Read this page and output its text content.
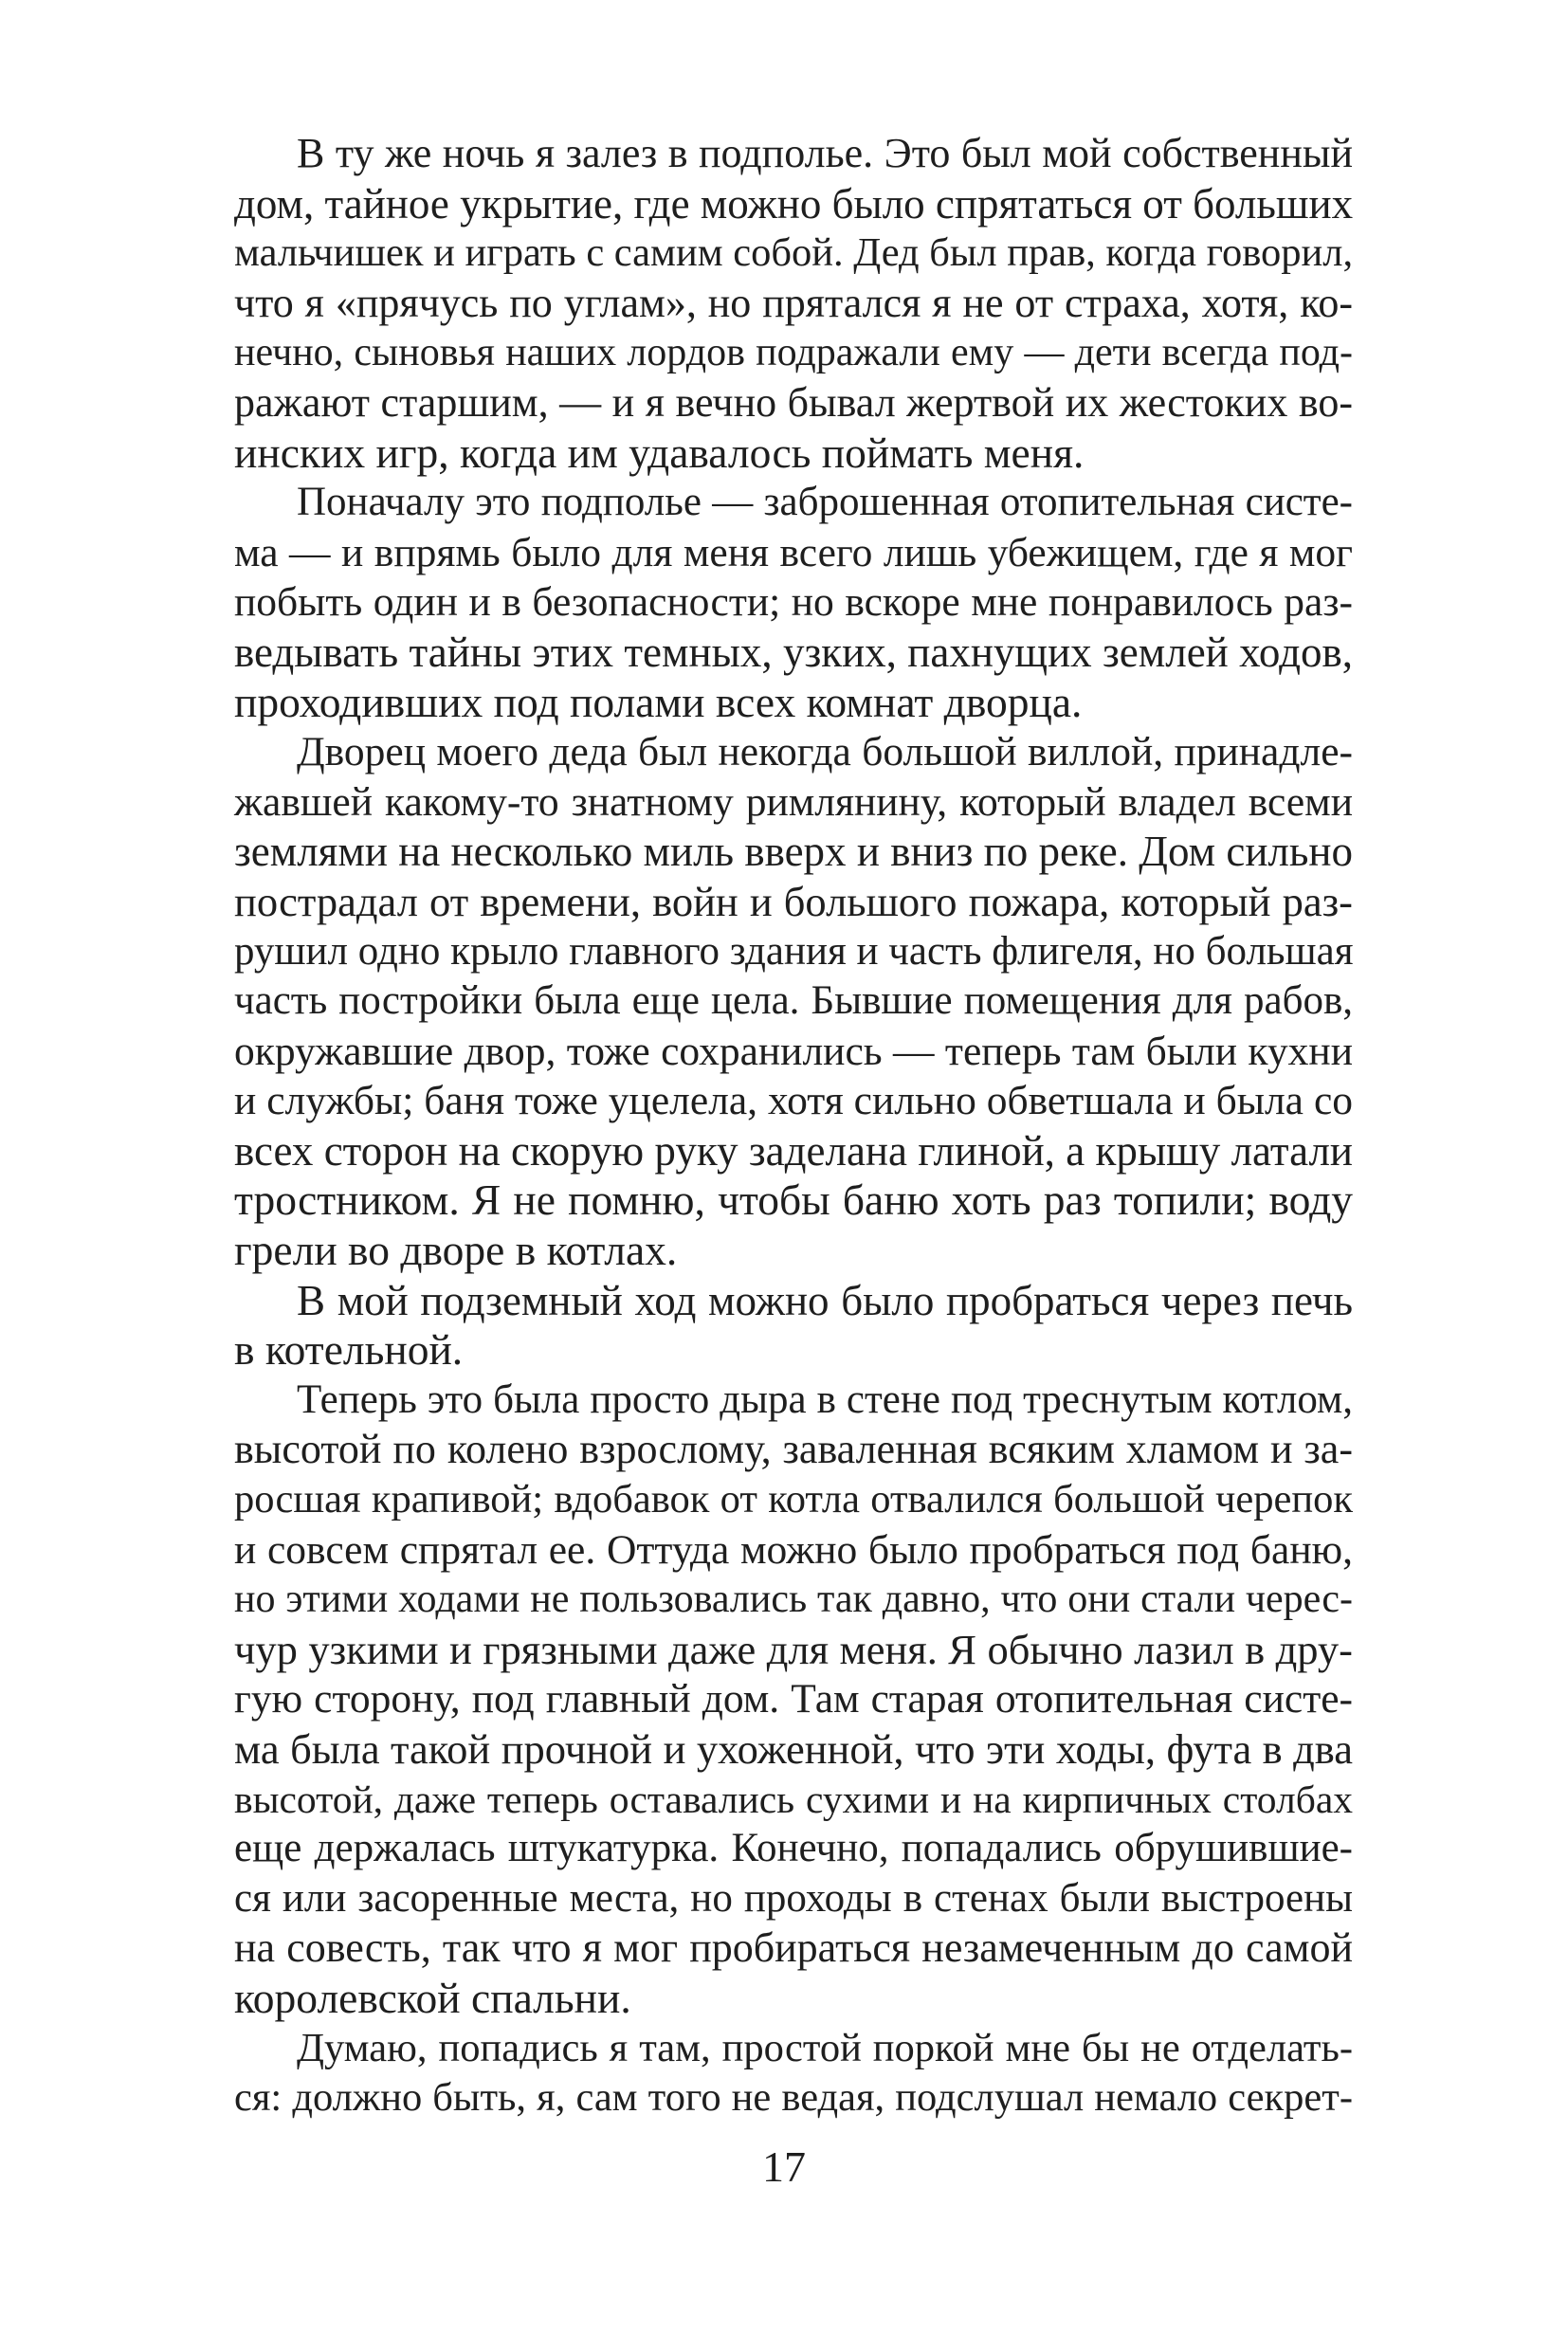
В ту же ночь я залез в подполье. Это был мой собственный
дом, тайное укрытие, где можно было спрятаться от больших
мальчишек и играть с самим собой. Дед был прав, когда говорил,
что я «прячусь по углам», но прятался я не от страха, хотя, ко-
нечно, сыновья наших лордов подражали ему — дети всегда под-
ражают старшим, — и я вечно бывал жертвой их жестоких во-
инских игр, когда им удавалось поймать меня.
Поначалу это подполье — заброшенная отопительная систе-
ма — и впрямь было для меня всего лишь убежищем, где я мог
побыть один и в безопасности; но вскоре мне понравилось раз-
ведывать тайны этих темных, узких, пахнущих землей ходов,
проходивших под полами всех комнат дворца.
Дворец моего деда был некогда большой виллой, принадле-
жавшей какому-то знатному римлянину, который владел всеми
землями на несколько миль вверх и вниз по реке. Дом сильно
пострадал от времени, войн и большого пожара, который раз-
рушил одно крыло главного здания и часть флигеля, но большая
часть постройки была еще цела. Бывшие помещения для рабов,
окружавшие двор, тоже сохранились — теперь там были кухни
и службы; баня тоже уцелела, хотя сильно обветшала и была со
всех сторон на скорую руку заделана глиной, а крышу латали
тростником. Я не помню, чтобы баню хоть раз топили; воду
грели во дворе в котлах.
В мой подземный ход можно было пробраться через печь
в котельной.
Теперь это была просто дыра в стене под треснутым котлом,
высотой по колено взрослому, заваленная всяким хламом и за-
росшая крапивой; вдобавок от котла отвалился большой черепок
и совсем спрятал ее. Оттуда можно было пробраться под баню,
но этими ходами не пользовались так давно, что они стали черес-
чур узкими и грязными даже для меня. Я обычно лазил в дру-
гую сторону, под главный дом. Там старая отопительная систе-
ма была такой прочной и ухоженной, что эти ходы, фута в два
высотой, даже теперь оставались сухими и на кирпичных столбах
еще держалась штукатурка. Конечно, попадались обрушившие-
ся или засоренные места, но проходы в стенах были выстроены
на совесть, так что я мог пробираться незамеченным до самой
королевской спальни.
Думаю, попадись я там, простой поркой мне бы не отделать-
ся: должно быть, я, сам того не ведая, подслушал немало секрет-
17
